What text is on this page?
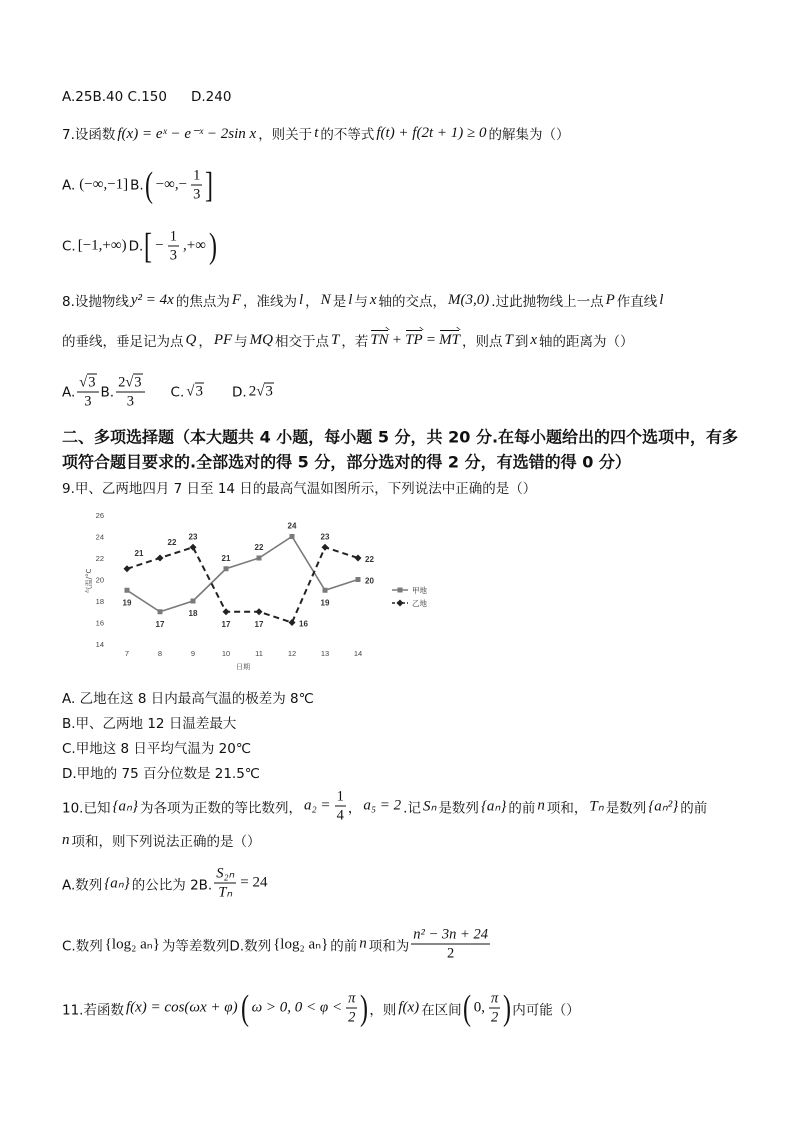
A.25B.40 C.150 D.240
7.设函数 f(x) = eˣ − e⁻ˣ − 2sin x ，则关于 t 的不等式 f(t) + f(2t + 1) ≥ 0 的解集为（）
A. (−∞,−1] B. ( −∞,− $\frac{1}{3}$ ]
C. [−1,+∞) D. [ − $\frac{1}{3}$ ,+∞ )
8.设抛物线 y² = 4x 的焦点为 F ，准线为 l ， N 是 l 与 x 轴的交点， M(3,0) .过此抛物线上一点 P 作直线 l
的垂线，垂足记为点 Q ， PF 与 MQ 相交于点 T ，若 TN + TP = MT ，则点 T 到 x 轴的距离为（）
A. $\frac{√3}{3} B$. $\frac{2√3}{3} C$. √3 D. 2√3
二、多项选择题（本大题共 4 小题，每小题 5 分，共 20 分.在每小题给出的四个选项中，有多
项符合题目要求的.全部选对的得 5 分，部分选对的得 2 分，有选错的得 0 分）
9.甲、乙两地四月 7 日至 14 日的最高气温如图所示，下列说法中正确的是（）
14
16
18
20
22
24
26
7	8	9	10	11	12	13	14
日期
气温/°C
19
17
18
21
22
24
19
20
21
22
23
17	17	16
23
22
甲地
乙地
A. 乙地在这 8 日内最高气温的极差为 8℃
B.甲、乙两地 12 日温差最大
C.甲地这 8 日平均气温为 20℃
D.甲地的 75 百分位数是 21.5℃
10.已知 {aₙ} 为各项为正数的等比数列， $a_2 = \frac{1}{4}$ ， a₅ = 2 .记 Sₙ 是数列 {aₙ} 的前 n 项和， Tₙ 是数列 {aₙ²} 的前
n 项和，则下列说法正确的是（）
A.数列 {aₙ} 的公比为 2B. $\frac{\text{S₂ₙ}}{\text{Tₙ}} = 24$
C.数列 {log₂ aₙ} 为等差数列D.数列 {log₂ aₙ} 的前 n 项和为 $\frac{\text{n² − 3n + 24}}{2}$
11.若函数 f(x) = cos(ωx + φ) ( ω > 0, $0 < \varphi < \frac{\pi}{2}$ ) ，则 f(x) 在区间 ( 0, $\frac{\pi}{2}$ ) 内可能（）
